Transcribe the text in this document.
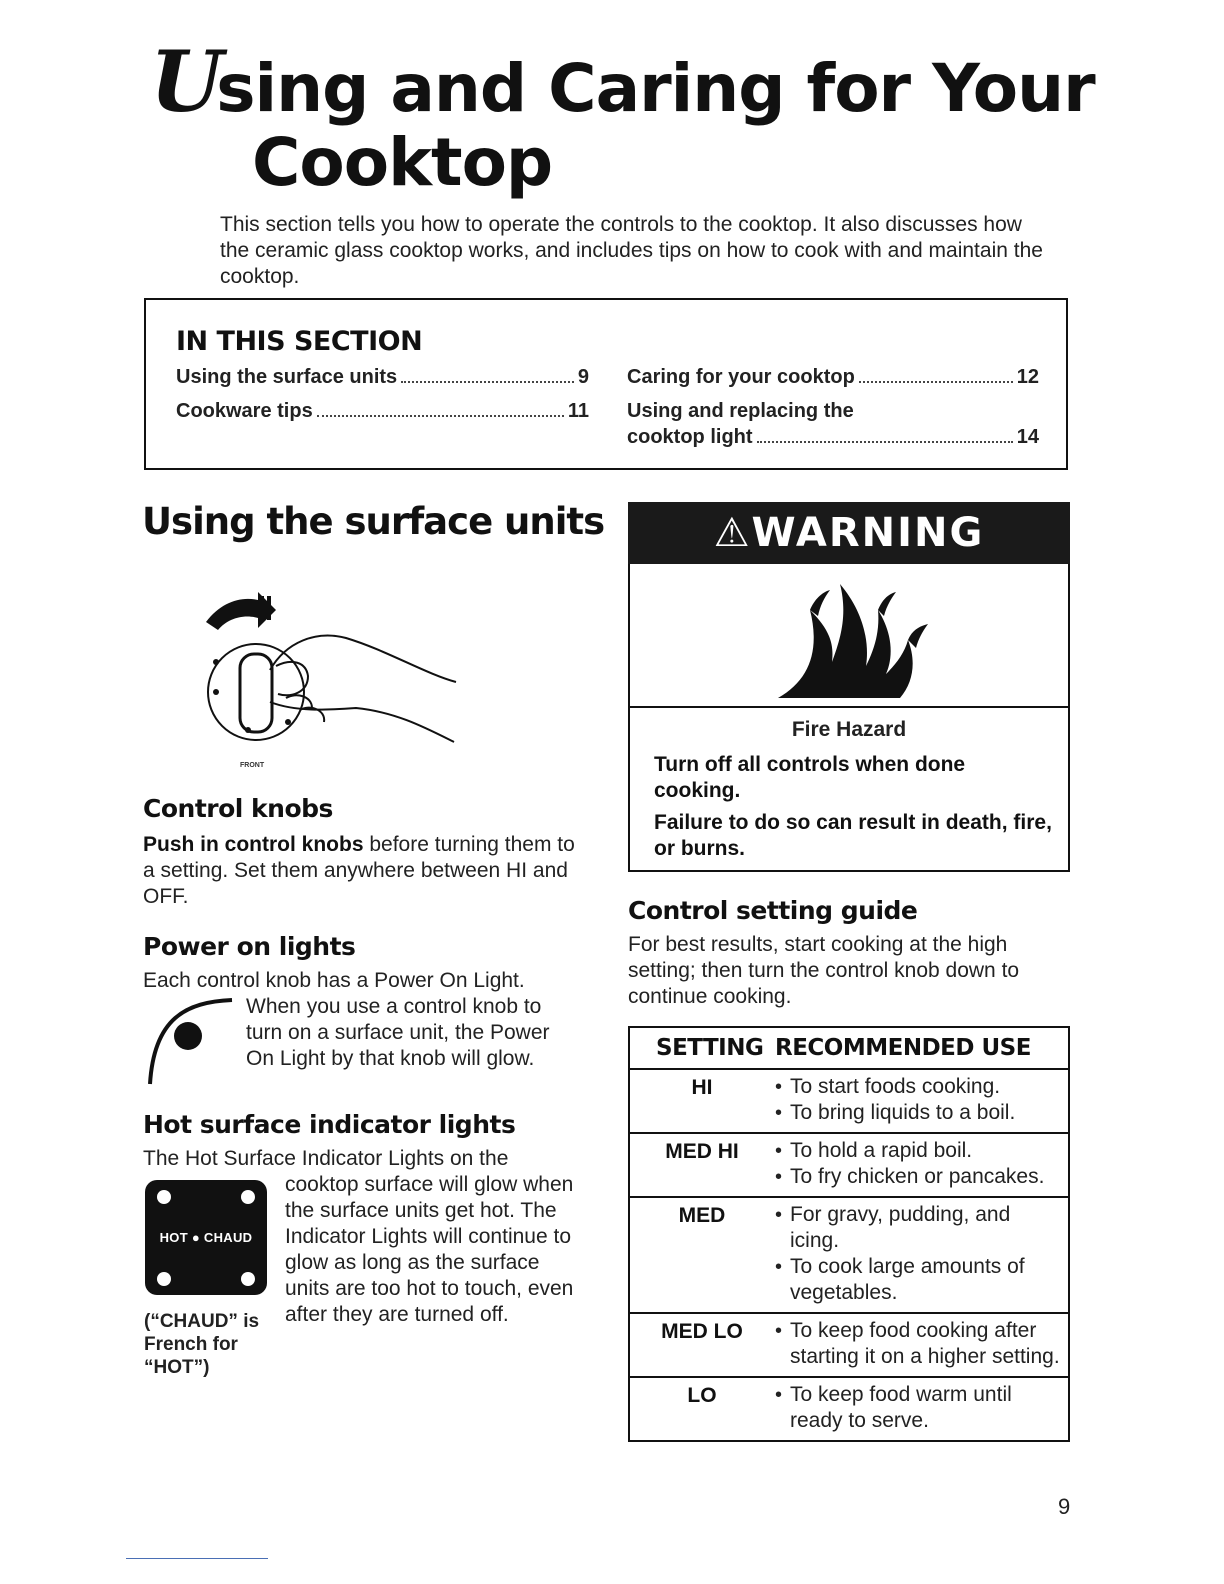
Using and Caring for Your
Cooktop
This section tells you how to operate the controls to the cooktop. It also discusses how the ceramic glass cooktop works, and includes tips on how to cook with and maintain the cooktop.
IN THIS SECTION
Using the surface units	9
Cookware tips	11
Caring for your cooktop	12
Using and replacing the
cooktop light	14
Using the surface units
FRONT
Control knobs
Push in control knobs before turning them to a setting. Set them anywhere between HI and OFF.
Power on lights
Each control knob has a Power On Light.
When you use a control knob to turn on a surface unit, the Power On Light by that knob will glow.
Hot surface indicator lights
The Hot Surface Indicator Lights on the
HOT ● CHAUD
cooktop surface will glow when the surface units get hot. The Indicator Lights will continue to glow as long as the surface units are too hot to touch, even after they are turned off.
(“CHAUD” is French for “HOT”)
⚠WARNING
Fire Hazard
Turn off all controls when done cooking.
Failure to do so can result in death, fire, or burns.
Control setting guide
For best results, start cooking at the high setting; then turn the control knob down to continue cooking.
SETTING RECOMMENDED USE
HI	• To start foods cooking.
• To bring liquids to a boil.
MED HI	• To hold a rapid boil.
• To fry chicken or pancakes.
MED	• For gravy, pudding, and icing.
• To cook large amounts of vegetables.
MED LO	• To keep food cooking after starting it on a higher setting.
LO	• To keep food warm until ready to serve.
9
